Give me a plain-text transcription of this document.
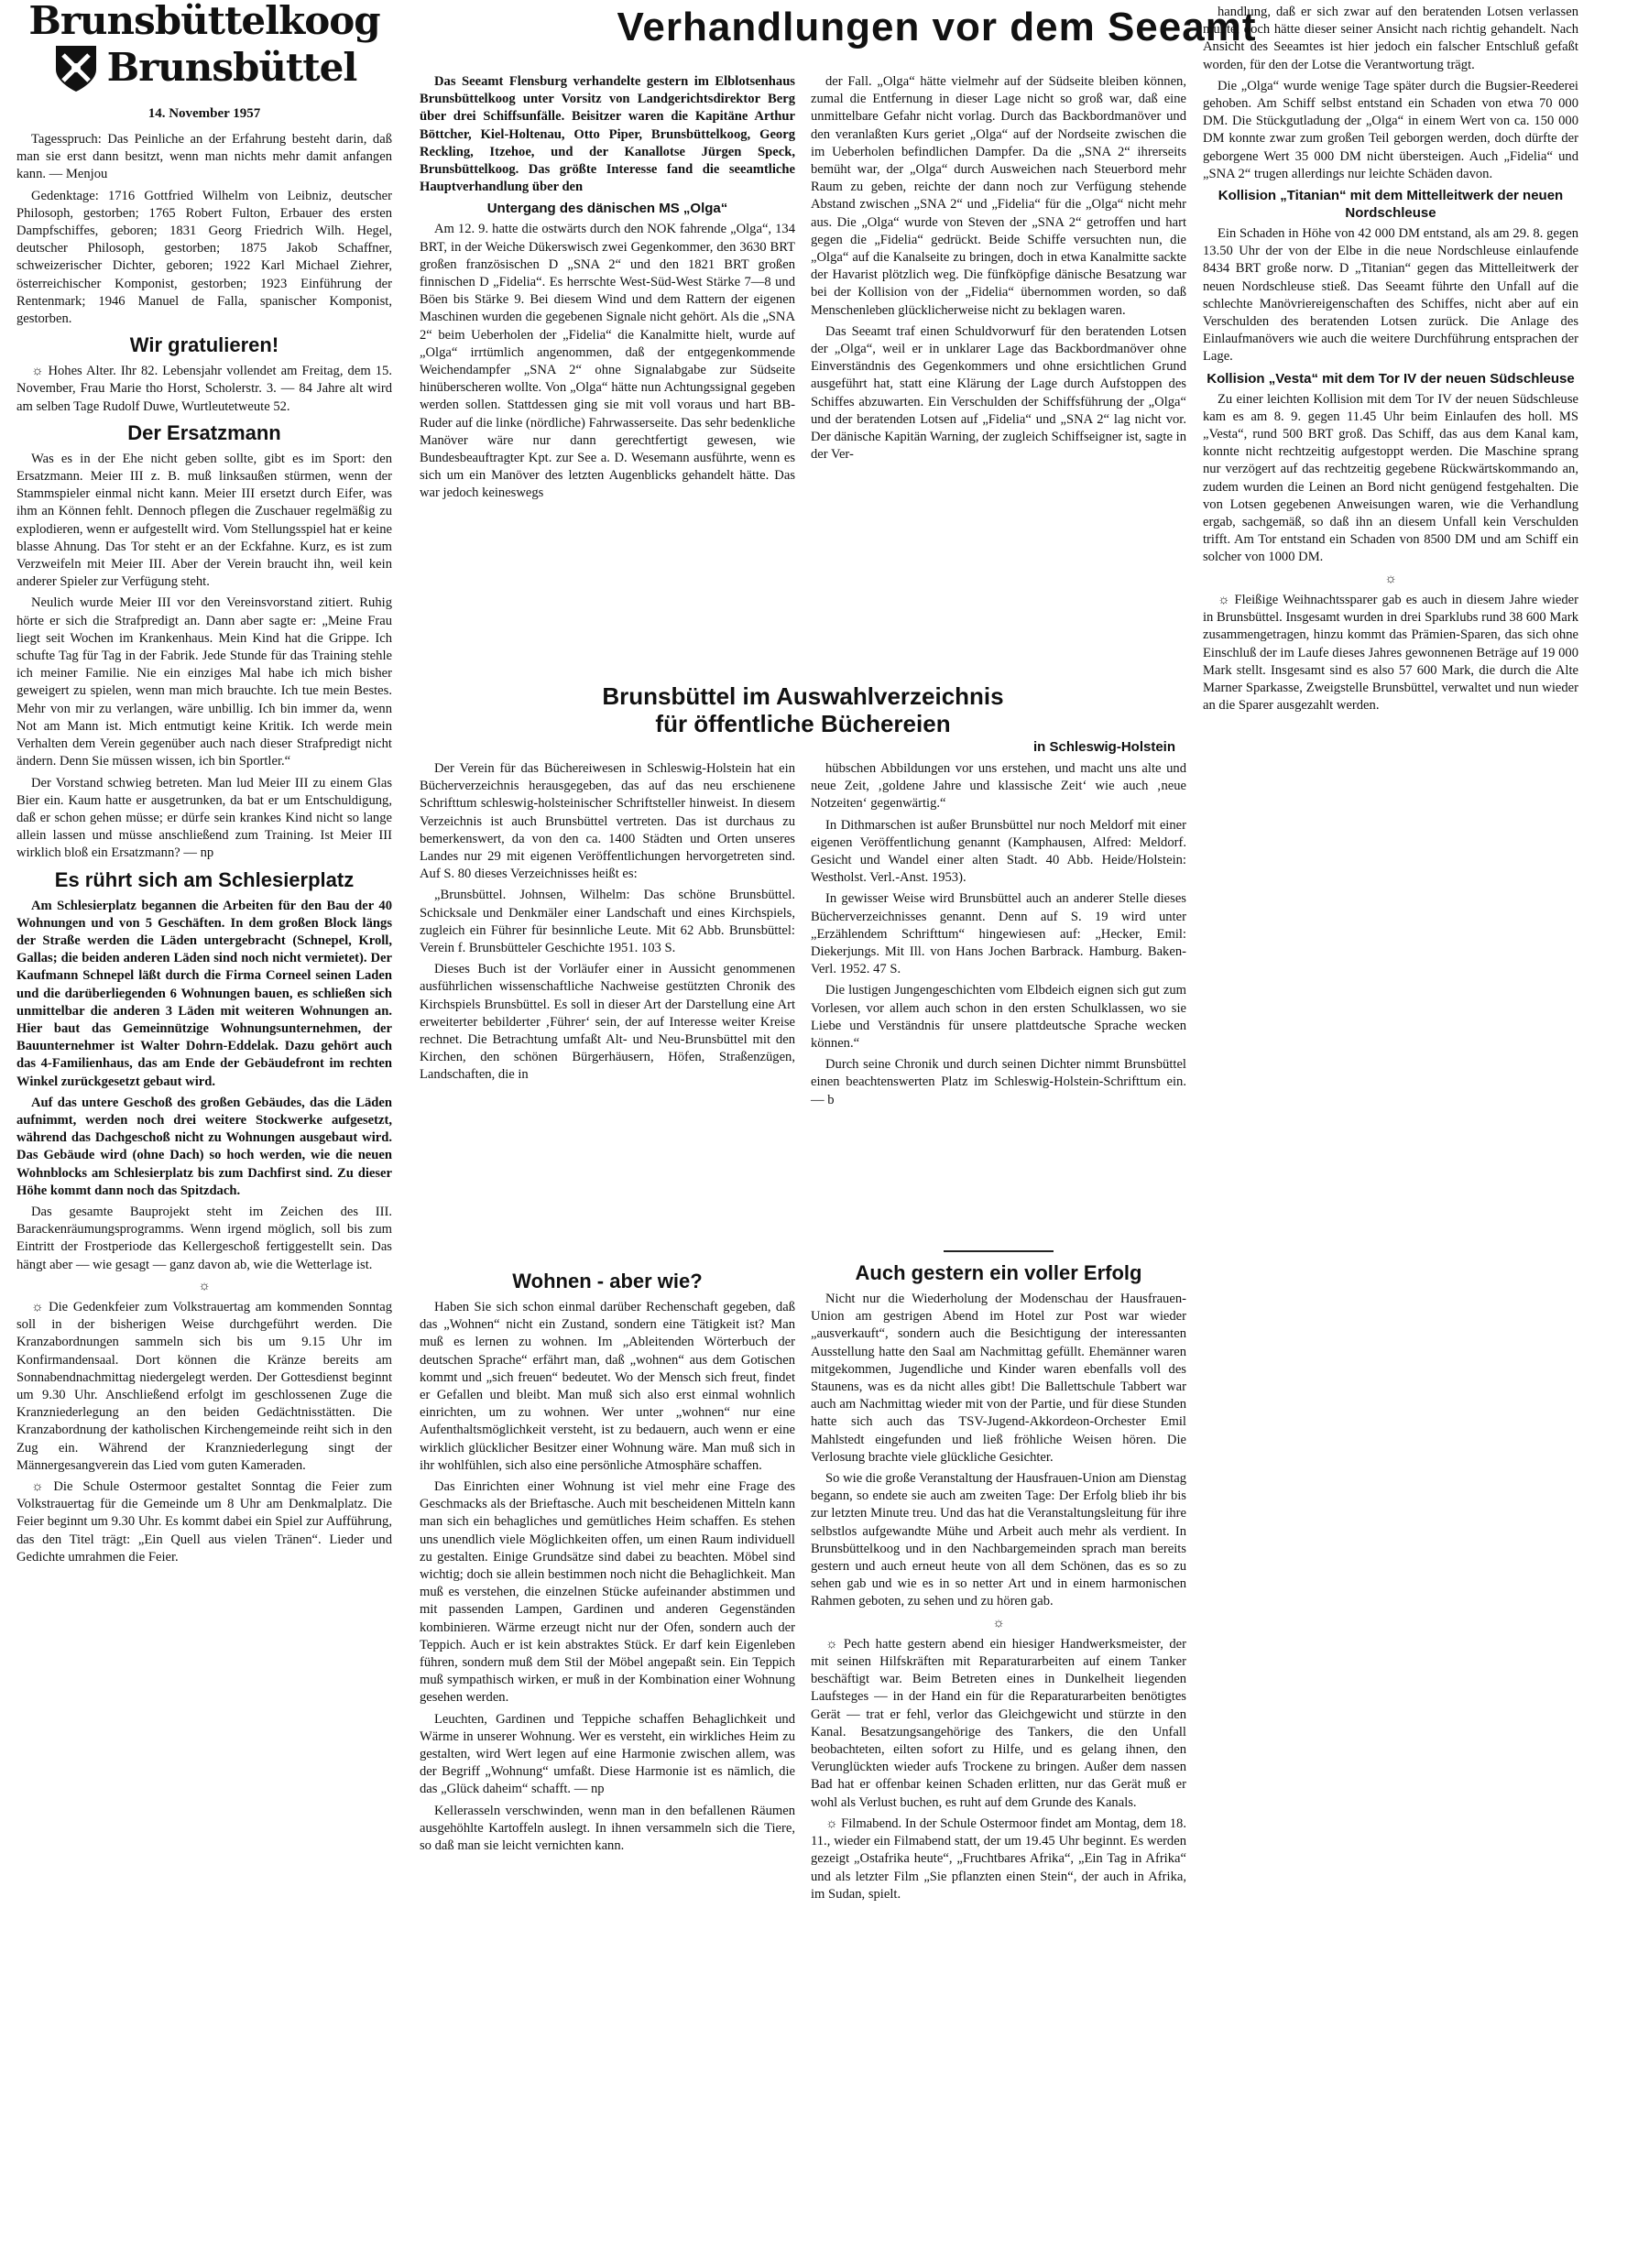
Brunsbüttelkoog
Brunsbüttel
14. November 1957

Tagesspruch: Das Peinliche an der Erfahrung besteht darin, daß man sie erst dann besitzt, wenn man nichts mehr damit anfangen kann. — Menjou

Gedenktage: 1716 Gottfried Wilhelm von Leibniz, deutscher Philosoph, gestorben; 1765 Robert Fulton, Erbauer des ersten Dampfschiffes, geboren; 1831 Georg Friedrich Wilh. Hegel, deutscher Philosoph, gestorben; 1875 Jakob Schaffner, schweizerischer Dichter, geboren; 1922 Karl Michael Ziehrer, österreichischer Komponist, gestorben; 1923 Einführung der Rentenmark; 1946 Manuel de Falla, spanischer Komponist, gestorben.

Wir gratulieren!

☼ Hohes Alter. Ihr 82. Lebensjahr vollendet am Freitag, dem 15. November, Frau Marie tho Horst, Scholerstr. 3. — 84 Jahre alt wird am selben Tage Rudolf Duwe, Wurtleutetweute 52.

Der Ersatzmann

Was es in der Ehe nicht geben sollte, gibt es im Sport: den Ersatzmann. Meier III z. B. muß linksaußen stürmen, wenn der Stammspieler einmal nicht kann. Meier III ersetzt durch Eifer, was ihm an Können fehlt. Dennoch pflegen die Zuschauer regelmäßig zu explodieren, wenn er aufgestellt wird. Vom Stellungsspiel hat er keine blasse Ahnung. Das Tor steht er an der Eckfahne. Kurz, es ist zum Verzweifeln mit Meier III. Aber der Verein braucht ihn, weil kein anderer Spieler zur Verfügung steht.

Neulich wurde Meier III vor den Vereinsvorstand zitiert. Ruhig hörte er sich die Strafpredigt an. Dann aber sagte er: „Meine Frau liegt seit Wochen im Krankenhaus. Mein Kind hat die Grippe. Ich schufte Tag für Tag in der Fabrik. Jede Stunde für das Training stehle ich meiner Familie. Nie ein einziges Mal habe ich mich bisher geweigert zu spielen, wenn man mich brauchte. Ich tue mein Bestes. Mehr von mir zu verlangen, wäre unbillig. Ich bin immer da, wenn Not am Mann ist. Mich entmutigt keine Kritik. Ich werde mein Verhalten dem Verein gegenüber auch nach dieser Strafpredigt nicht ändern. Denn Sie müssen wissen, ich bin Sportler.“

Der Vorstand schwieg betreten. Man lud Meier III zu einem Glas Bier ein. Kaum hatte er ausgetrunken, da bat er um Entschuldigung, daß er schon gehen müsse; er dürfe sein krankes Kind nicht so lange allein lassen und müsse anschließend zum Training. Ist Meier III wirklich bloß ein Ersatzmann? — np

Es rührt sich am Schlesierplatz

Am Schlesierplatz begannen die Arbeiten für den Bau der 40 Wohnungen und von 5 Geschäften. In dem großen Block längs der Straße werden die Läden untergebracht (Schnepel, Kroll, Gallas; die beiden anderen Läden sind noch nicht vermietet). Der Kaufmann Schnepel läßt durch die Firma Corneel seinen Laden und die darüberliegenden 6 Wohnungen bauen, es schließen sich unmittelbar die anderen 3 Läden mit weiteren Wohnungen an. Hier baut das Gemeinnützige Wohnungsunternehmen, der Bauunternehmer ist Walter Dohrn-Eddelak. Dazu gehört auch das 4-Familienhaus, das am Ende der Gebäudefront im rechten Winkel zurückgesetzt gebaut wird.

Auf das untere Geschoß des großen Gebäudes, das die Läden aufnimmt, werden noch drei weitere Stockwerke aufgesetzt, während das Dachgeschoß nicht zu Wohnungen ausgebaut wird. Das Gebäude wird (ohne Dach) so hoch werden, wie die neuen Wohnblocks am Schlesierplatz bis zum Dachfirst sind. Zu dieser Höhe kommt dann noch das Spitzdach.

Das gesamte Bauprojekt steht im Zeichen des III. Barackenräumungsprogramms. Wenn irgend möglich, soll bis zum Eintritt der Frostperiode das Kellergeschoß fertiggestellt sein. Das hängt aber — wie gesagt — ganz davon ab, wie die Wetterlage ist.

☼

☼ Die Gedenkfeier zum Volkstrauertag am kommenden Sonntag soll in der bisherigen Weise durchgeführt werden. Die Kranzabordnungen sammeln sich bis um 9.15 Uhr im Konfirmandensaal. Dort können die Kränze bereits am Sonnabendnachmittag niedergelegt werden. Der Gottesdienst beginnt um 9.30 Uhr. Anschließend erfolgt im geschlossenen Zuge die Kranzniederlegung an den beiden Gedächtnisstätten. Die Kranzabordnung der katholischen Kirchengemeinde reiht sich in den Zug ein. Während der Kranzniederlegung singt der Männergesangverein das Lied vom guten Kameraden.

☼ Die Schule Ostermoor gestaltet Sonntag die Feier zum Volkstrauertag für die Gemeinde um 8 Uhr am Denkmalplatz. Die Feier beginnt um 9.30 Uhr. Es kommt dabei ein Spiel zur Aufführung, das den Titel trägt: „Ein Quell aus vielen Tränen“. Lieder und Gedichte umrahmen die Feier.

Verhandlungen vor dem Seeamt

Das Seeamt Flensburg verhandelte gestern im Elblotsenhaus Brunsbüttelkoog unter Vorsitz von Landgerichtsdirektor Berg über drei Schiffsunfälle. Beisitzer waren die Kapitäne Arthur Böttcher, Kiel-Holtenau, Otto Piper, Brunsbüttelkoog, Georg Reckling, Itzehoe, und der Kanallotse Jürgen Speck, Brunsbüttelkoog. Das größte Interesse fand die seeamtliche Hauptverhandlung über den

Untergang des dänischen MS „Olga“

Am 12. 9. hatte die ostwärts durch den NOK fahrende „Olga“, 134 BRT, in der Weiche Dükerswisch zwei Gegenkommer, den 3630 BRT großen französischen D „SNA 2“ und den 1821 BRT großen finnischen D „Fidelia“. Es herrschte West-Süd-West Stärke 7—8 und Böen bis Stärke 9. Bei diesem Wind und dem Rattern der eigenen Maschinen wurden die gegebenen Signale nicht gehört. Als die „SNA 2“ beim Ueberholen der „Fidelia“ die Kanalmitte hielt, wurde auf „Olga“ irrtümlich angenommen, daß der entgegenkommende Weichendampfer „SNA 2“ ohne Signalabgabe zur Südseite hinüberscheren wollte. Von „Olga“ hätte nun Achtungssignal gegeben werden sollen. Stattdessen ging sie mit voll voraus und hart BB-Ruder auf die linke (nördliche) Fahrwasserseite. Das sehr bedenkliche Manöver wäre nur dann gerechtfertigt gewesen, wie Bundesbeauftragter Kpt. zur See a. D. Wesemann ausführte, wenn es sich um ein Manöver des letzten Augenblicks gehandelt hätte. Das war jedoch keineswegs

der Fall. „Olga“ hätte vielmehr auf der Südseite bleiben können, zumal die Entfernung in dieser Lage nicht so groß war, daß eine unmittelbare Gefahr nicht vorlag. Durch das Backbordmanöver und den veranlaßten Kurs geriet „Olga“ auf der Nordseite zwischen die im Ueberholen befindlichen Dampfer. Da die „SNA 2“ ihrerseits bemüht war, der „Olga“ durch Ausweichen nach Steuerbord mehr Raum zu geben, reichte der dann noch zur Verfügung stehende Abstand zwischen „SNA 2“ und „Fidelia“ für die „Olga“ nicht mehr aus. Die „Olga“ wurde von Steven der „SNA 2“ getroffen und hart gegen die „Fidelia“ gedrückt. Beide Schiffe versuchten nun, die „Olga“ auf die Kanalseite zu bringen, doch in etwa Kanalmitte sackte der Havarist plötzlich weg. Die fünfköpfige dänische Besatzung war bei der Kollision von der „Fidelia“ übernommen worden, so daß Menschenleben glücklicherweise nicht zu beklagen waren.

Das Seeamt traf einen Schuldvorwurf für den beratenden Lotsen der „Olga“, weil er in unklarer Lage das Backbordmanöver ohne Einverständnis des Gegenkommers und ohne ersichtlichen Grund ausgeführt hat, statt eine Klärung der Lage durch Aufstoppen des Schiffes abzuwarten. Ein Verschulden der Schiffsführung der „Olga“ und der beratenden Lotsen auf „Fidelia“ und „SNA 2“ lag nicht vor. Der dänische Kapitän Warning, der zugleich Schiffseigner ist, sagte in der Ver-

handlung, daß er sich zwar auf den beratenden Lotsen verlassen mußte, doch hätte dieser seiner Ansicht nach richtig gehandelt. Nach Ansicht des Seeamtes ist hier jedoch ein falscher Entschluß gefaßt worden, für den der Lotse die Verantwortung trägt.

Die „Olga“ wurde wenige Tage später durch die Bugsier-Reederei gehoben. Am Schiff selbst entstand ein Schaden von etwa 70 000 DM. Die Stückgutladung der „Olga“ in einem Wert von ca. 150 000 DM konnte zwar zum großen Teil geborgen werden, doch dürfte der geborgene Wert 35 000 DM nicht übersteigen. Auch „Fidelia“ und „SNA 2“ trugen allerdings nur leichte Schäden davon.

Kollision „Titanian“ mit dem Mittelleitwerk der neuen Nordschleuse

Ein Schaden in Höhe von 42 000 DM entstand, als am 29. 8. gegen 13.50 Uhr der von der Elbe in die neue Nordschleuse einlaufende 8434 BRT große norw. D „Titanian“ gegen das Mittelleitwerk der neuen Nordschleuse stieß. Das Seeamt führte den Unfall auf die schlechte Manövriereigenschaften des Schiffes, nicht aber auf ein Verschulden des beratenden Lotsen zurück. Die Anlage des Einlaufmanövers wie auch die weitere Durchführung entsprachen der Lage.

Kollision „Vesta“ mit dem Tor IV der neuen Südschleuse

Zu einer leichten Kollision mit dem Tor IV der neuen Südschleuse kam es am 8. 9. gegen 11.45 Uhr beim Einlaufen des holl. MS „Vesta“, rund 500 BRT groß. Das Schiff, das aus dem Kanal kam, konnte nicht rechtzeitig aufgestoppt werden. Die Maschine sprang nur verzögert auf das rechtzeitig gegebene Rückwärtskommando an, zudem wurden die Leinen an Bord nicht genügend festgehalten. Die von Lotsen gegebenen Anweisungen waren, wie die Verhandlung ergab, sachgemäß, so daß ihn an diesem Unfall kein Verschulden trifft. Am Tor entstand ein Schaden von 8500 DM und am Schiff ein solcher von 1000 DM.

☼

☼ Fleißige Weihnachtssparer gab es auch in diesem Jahre wieder in Brunsbüttel. Insgesamt wurden in drei Sparklubs rund 38 600 Mark zusammengetragen, hinzu kommt das Prämien-Sparen, das sich ohne Einschluß der im Laufe dieses Jahres gewonnenen Beträge auf 19 000 Mark stellt. Insgesamt sind es also 57 600 Mark, die durch die Alte Marner Sparkasse, Zweigstelle Brunsbüttel, verwaltet und nun wieder an die Sparer ausgezahlt werden.

Brunsbüttel im Auswahlverzeichnis
für öffentliche Büchereien
in Schleswig-Holstein

Der Verein für das Büchereiwesen in Schleswig-Holstein hat ein Bücherverzeichnis herausgegeben, das auf das neu erschienene Schrifttum schleswig-holsteinischer Schriftsteller hinweist. In diesem Verzeichnis ist auch Brunsbüttel vertreten. Das ist durchaus zu bemerkenswert, da von den ca. 1400 Städten und Orten unseres Landes nur 29 mit eigenen Veröffentlichungen hervorgetreten sind. Auf S. 80 dieses Verzeichnisses heißt es:

„Brunsbüttel. Johnsen, Wilhelm: Das schöne Brunsbüttel. Schicksale und Denkmäler einer Landschaft und eines Kirchspiels, zugleich ein Führer für besinnliche Leute. Mit 62 Abb. Brunsbüttel: Verein f. Brunsbütteler Geschichte 1951. 103 S.

Dieses Buch ist der Vorläufer einer in Aussicht genommenen ausführlichen wissenschaftliche Nachweise gestützten Chronik des Kirchspiels Brunsbüttel. Es soll in dieser Art der Darstellung eine Art erweiterter bebilderter ‚Führer‘ sein, der auf Interesse weiter Kreise rechnet. Die Betrachtung umfaßt Alt- und Neu-Brunsbüttel mit den Kirchen, den schönen Bürgerhäusern, Höfen, Straßenzügen, Landschaften, die in

hübschen Abbildungen vor uns erstehen, und macht uns alte und neue Zeit, ‚goldene Jahre und klassische Zeit‘ wie auch ‚neue Notzeiten‘ gegenwärtig.“

In Dithmarschen ist außer Brunsbüttel nur noch Meldorf mit einer eigenen Veröffentlichung genannt (Kamphausen, Alfred: Meldorf. Gesicht und Wandel einer alten Stadt. 40 Abb. Heide/Holstein: Westholst. Verl.-Anst. 1953).

In gewisser Weise wird Brunsbüttel auch an anderer Stelle dieses Bücherverzeichnisses genannt. Denn auf S. 19 wird unter „Erzählendem Schrifttum“ hingewiesen auf: „Hecker, Emil: Diekerjungs. Mit Ill. von Hans Jochen Barbrack. Hamburg. Baken-Verl. 1952. 47 S.

Die lustigen Jungengeschichten vom Elbdeich eignen sich gut zum Vorlesen, vor allem auch schon in den ersten Schulklassen, wo sie Liebe und Verständnis für unsere plattdeutsche Sprache wecken können.“

Durch seine Chronik und durch seinen Dichter nimmt Brunsbüttel einen beachtenswerten Platz im Schleswig-Holstein-Schrifttum ein. — b

Wohnen - aber wie?

Haben Sie sich schon einmal darüber Rechenschaft gegeben, daß das „Wohnen“ nicht ein Zustand, sondern eine Tätigkeit ist? Man muß es lernen zu wohnen. Im „Ableitenden Wörterbuch der deutschen Sprache“ erfährt man, daß „wohnen“ aus dem Gotischen kommt und „sich freuen“ bedeutet. Wo der Mensch sich freut, findet er Gefallen und bleibt. Man muß sich also erst einmal wohnlich einrichten, um zu wohnen. Wer unter „wohnen“ nur eine Aufenthaltsmöglichkeit versteht, ist zu bedauern, auch wenn er eine wirklich glücklicher Besitzer einer Wohnung wäre. Man muß sich in ihr wohlfühlen, sich also eine persönliche Atmosphäre schaffen.

Das Einrichten einer Wohnung ist viel mehr eine Frage des Geschmacks als der Brieftasche. Auch mit bescheidenen Mitteln kann man sich ein behagliches und gemütliches Heim schaffen. Es stehen uns unendlich viele Möglichkeiten offen, um einen Raum individuell zu gestalten. Einige Grundsätze sind dabei zu beachten. Möbel sind wichtig; doch sie allein bestimmen noch nicht die Behaglichkeit. Man muß es verstehen, die einzelnen Stücke aufeinander abstimmen und mit passenden Lampen, Gardinen und anderen Gegenständen kombinieren. Wärme erzeugt nicht nur der Ofen, sondern auch der Teppich. Auch er ist kein abstraktes Stück. Er darf kein Eigenleben führen, sondern muß dem Stil der Möbel angepaßt sein. Ein Teppich muß sympathisch wirken, er muß in der Kombination einer Wohnung gesehen werden.

Leuchten, Gardinen und Teppiche schaffen Behaglichkeit und Wärme in unserer Wohnung. Wer es versteht, ein wirkliches Heim zu gestalten, wird Wert legen auf eine Harmonie zwischen allem, was der Begriff „Wohnung“ umfaßt. Diese Harmonie ist es nämlich, die das „Glück daheim“ schafft. — np

Kellerasseln verschwinden, wenn man in den befallenen Räumen ausgehöhlte Kartoffeln auslegt. In ihnen versammeln sich die Tiere, so daß man sie leicht vernichten kann.

Auch gestern ein voller Erfolg

Nicht nur die Wiederholung der Modenschau der Hausfrauen-Union am gestrigen Abend im Hotel zur Post war wieder „ausverkauft“, sondern auch die Besichtigung der interessanten Ausstellung hatte den Saal am Nachmittag gefüllt. Ehemänner waren mitgekommen, Jugendliche und Kinder waren ebenfalls voll des Staunens, was es da nicht alles gibt! Die Ballettschule Tabbert war auch am Nachmittag wieder mit von der Partie, und für diese Stunden hatte sich auch das TSV-Jugend-Akkordeon-Orchester Emil Mahlstedt eingefunden und ließ fröhliche Weisen hören. Die Verlosung brachte viele glückliche Gesichter.

So wie die große Veranstaltung der Hausfrauen-Union am Dienstag begann, so endete sie auch am zweiten Tage: Der Erfolg blieb ihr bis zur letzten Minute treu. Und das hat die Veranstaltungsleitung für ihre selbstlos aufgewandte Mühe und Arbeit auch mehr als verdient. In Brunsbüttelkoog und in den Nachbargemeinden sprach man bereits gestern und auch erneut heute von all dem Schönen, das es so zu sehen gab und wie es in so netter Art und in einem harmonischen Rahmen geboten, zu sehen und zu hören gab.

☼

☼ Pech hatte gestern abend ein hiesiger Handwerksmeister, der mit seinen Hilfskräften mit Reparaturarbeiten auf einem Tanker beschäftigt war. Beim Betreten eines in Dunkelheit liegenden Laufsteges — in der Hand ein für die Reparaturarbeiten benötigtes Gerät — trat er fehl, verlor das Gleichgewicht und stürzte in den Kanal. Besatzungsangehörige des Tankers, die den Unfall beobachteten, eilten sofort zu Hilfe, und es gelang ihnen, den Verunglückten wieder aufs Trockene zu bringen. Außer dem nassen Bad hat er offenbar keinen Schaden erlitten, nur das Gerät muß er wohl als Verlust buchen, es ruht auf dem Grunde des Kanals.

☼ Filmabend. In der Schule Ostermoor findet am Montag, dem 18. 11., wieder ein Filmabend statt, der um 19.45 Uhr beginnt. Es werden gezeigt „Ostafrika heute“, „Fruchtbares Afrika“, „Ein Tag in Afrika“ und als letzter Film „Sie pflanzten einen Stein“, der auch in Afrika, im Sudan, spielt.
